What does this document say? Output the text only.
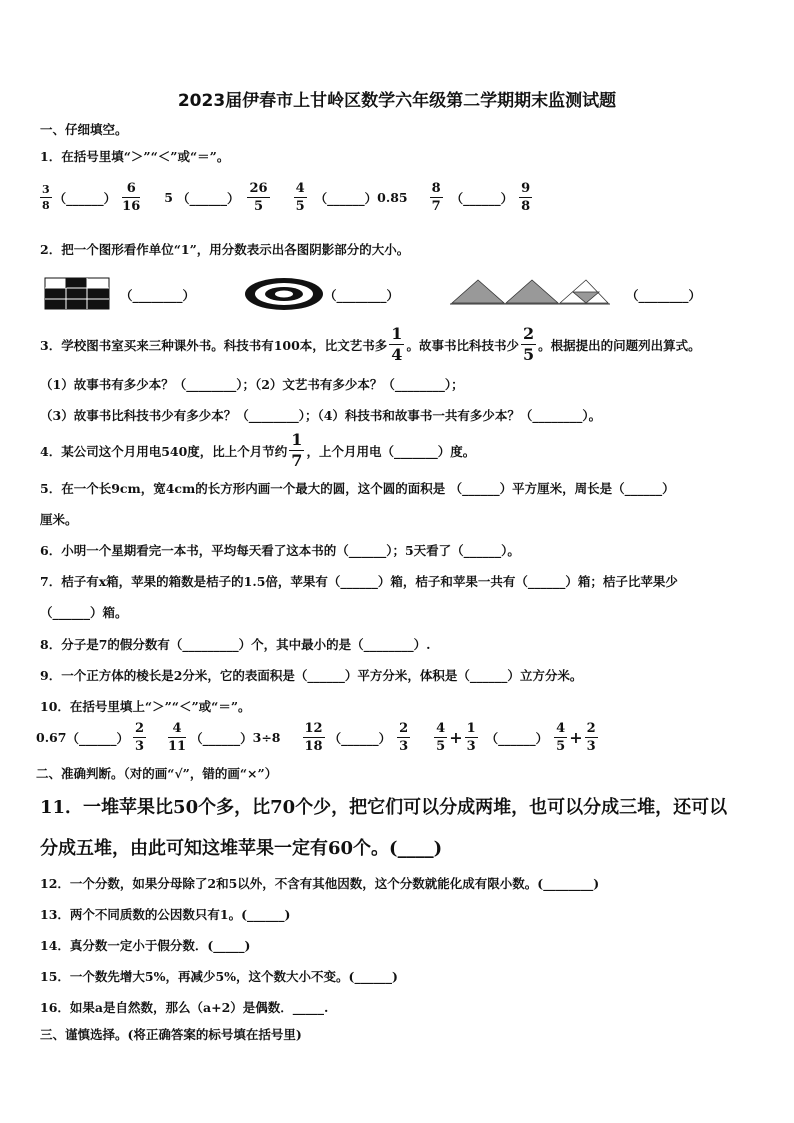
2023届伊春市上甘岭区数学六年级第二学期期末监测试题
一、仔细填空。
1．在括号里填“＞”“＜”或“＝”。
$\frac{3}{8}$ （______） $\frac{6}{16} 5$ （______） $\frac{26}{5} \frac{4}{5}$ （______） $0.85 \frac{8}{7}$ （______） $\frac{9}{8}$
2．把一个图形看作单位“1”，用分数表示出各图阴影部分的大小。
（________）	（________）	（________）
3．学校图书室买来三种课外书。科技书有100本，比文艺书多 $\frac{1}{4}$ 。故事书比科技书少 $\frac{2}{5}$ 。根据提出的问题列出算式。
（1）故事书有多少本？（________）；（2）文艺书有多少本？（________）；
（3）故事书比科技书少有多少本？（________）；（4）科技书和故事书一共有多少本？（________）。
4．某公司这个月用电540度，比上个月节约 $\frac{1}{7}$ ，上个月用电（_______）度。
5．在一个长9cm，宽4cm的长方形内画一个最大的圆，这个圆的面积是 （______）平方厘米，周长是（______）
厘米。
6．小明一个星期看完一本书，平均每天看了这本书的（______）；5天看了（______）。
7．桔子有x箱，苹果的箱数是桔子的1.5倍，苹果有（______）箱，桔子和苹果一共有（______）箱；桔子比苹果少
（______）箱。
8．分子是7的假分数有（_________）个，其中最小的是（________）.
9．一个正方体的棱长是2分米，它的表面积是（______）平方分米，体积是（______）立方分米。
10．在括号里填上“＞”“＜”或“＝”。
0.67 （______） $\frac{2}{3} \frac{4}{11}$ （______） $3\div 8 \frac{12}{18}$ （______） $\frac{2}{3} \frac{4}{5} + \frac{1}{3}$ （______） $\frac{4}{5} + \frac{2}{3}$
二、准确判断。（对的画“√”，错的画“×”）
11．一堆苹果比50个多，比70个少，把它们可以分成两堆，也可以分成三堆，还可以
分成五堆，由此可知这堆苹果一定有60个。(____)
12．一个分数，如果分母除了2和5以外，不含有其他因数，这个分数就能化成有限小数。(________)
13．两个不同质数的公因数只有1。(______)
14．真分数一定小于假分数．(_____)
15．一个数先增大5%，再减少5%，这个数大小不变。(______)
16．如果a是自然数，那么（a+2）是偶数．_____.
三、谨慎选择。(将正确答案的标号填在括号里)
